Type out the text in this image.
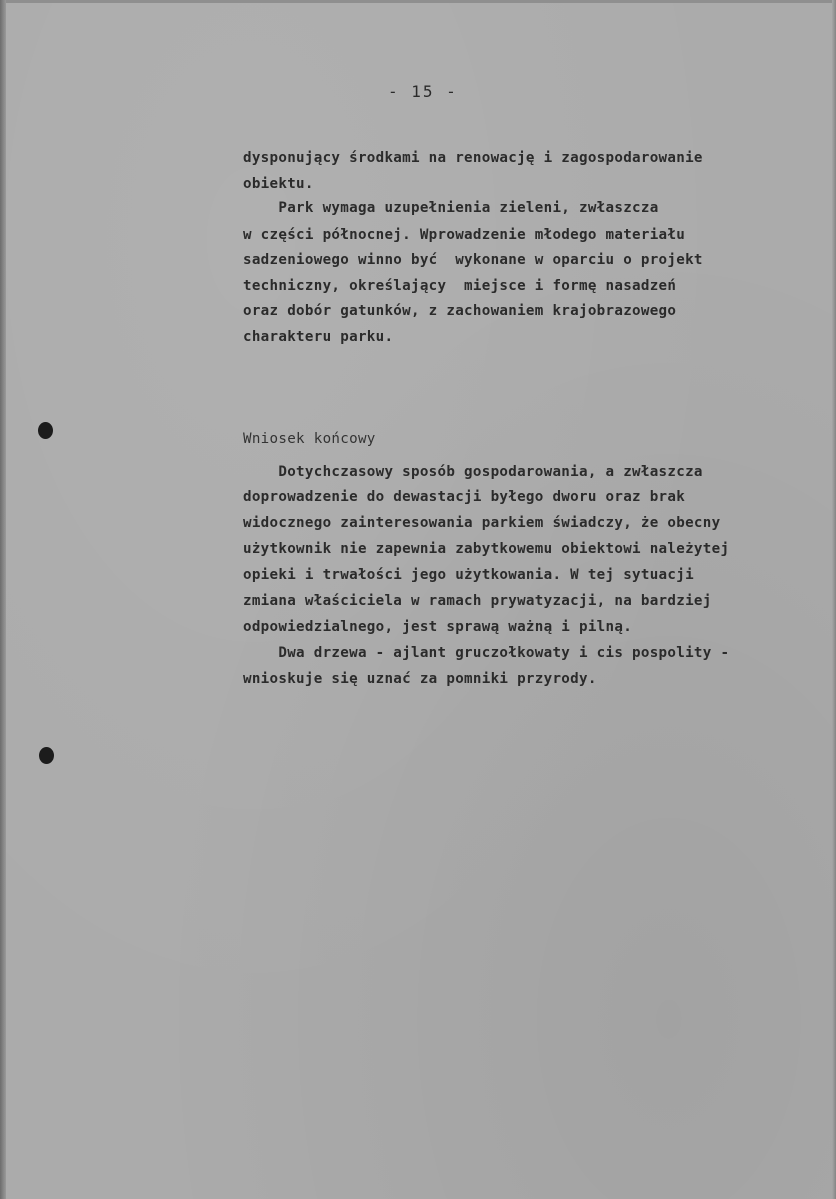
- 15 -
dysponujący środkami na renowację i zagospodarowanie
obiektu.
Park wymaga uzupełnienia zieleni, zwłaszcza
w części północnej. Wprowadzenie młodego materiału
sadzeniowego winno być  wykonane w oparciu o projekt
techniczny, określający  miejsce i formę nasadzeń
oraz dobór gatunków, z zachowaniem krajobrazowego
charakteru parku.
Wniosek końcowy
Dotychczasowy sposób gospodarowania, a zwłaszcza
doprowadzenie do dewastacji byłego dworu oraz brak
widocznego zainteresowania parkiem świadczy, że obecny
użytkownik nie zapewnia zabytkowemu obiektowi należytej
opieki i trwałości jego użytkowania. W tej sytuacji
zmiana właściciela w ramach prywatyzacji, na bardziej
odpowiedzialnego, jest sprawą ważną i pilną.
Dwa drzewa - ajlant gruczołkowaty i cis pospolity -
wnioskuje się uznać za pomniki przyrody.
